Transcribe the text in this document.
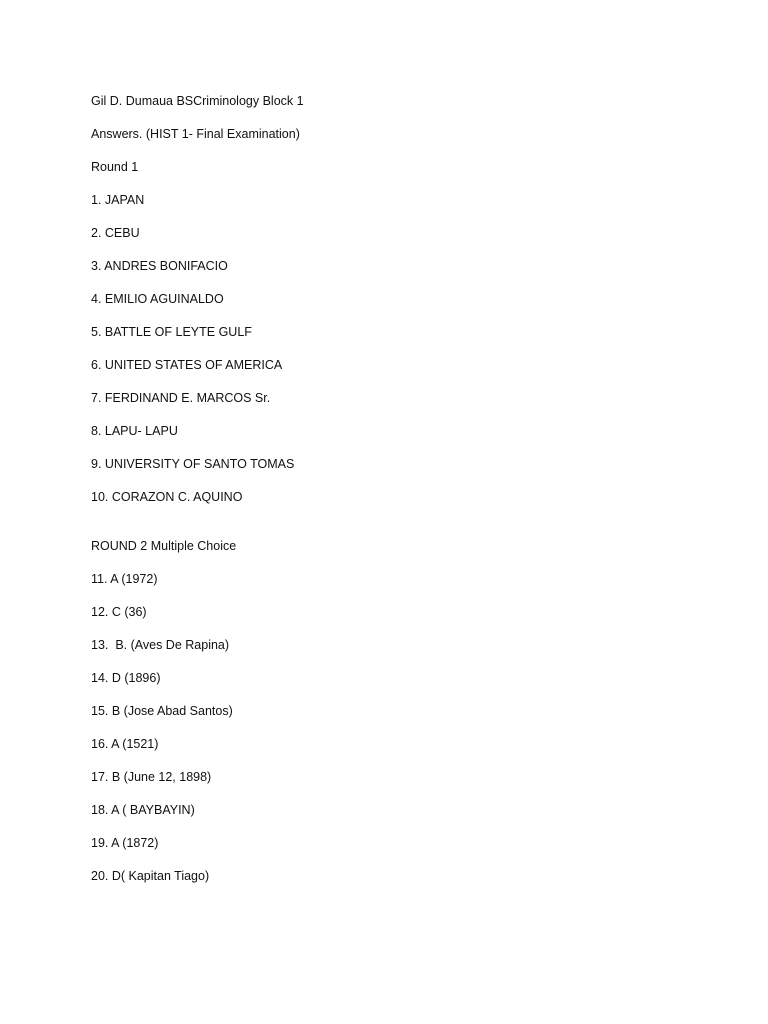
Gil D. Dumaua BSCriminology Block 1
Answers. (HIST 1- Final Examination)
Round 1
1. JAPAN
2. CEBU
3. ANDRES BONIFACIO
4. EMILIO AGUINALDO
5. BATTLE OF LEYTE GULF
6. UNITED STATES OF AMERICA
7. FERDINAND E. MARCOS Sr.
8. LAPU- LAPU
9. UNIVERSITY OF SANTO TOMAS
10. CORAZON C. AQUINO
ROUND 2 Multiple Choice
11. A (1972)
12. C (36)
13.  B. (Aves De Rapina)
14. D (1896)
15. B (Jose Abad Santos)
16. A (1521)
17. B (June 12, 1898)
18. A ( BAYBAYIN)
19. A (1872)
20. D( Kapitan Tiago)
